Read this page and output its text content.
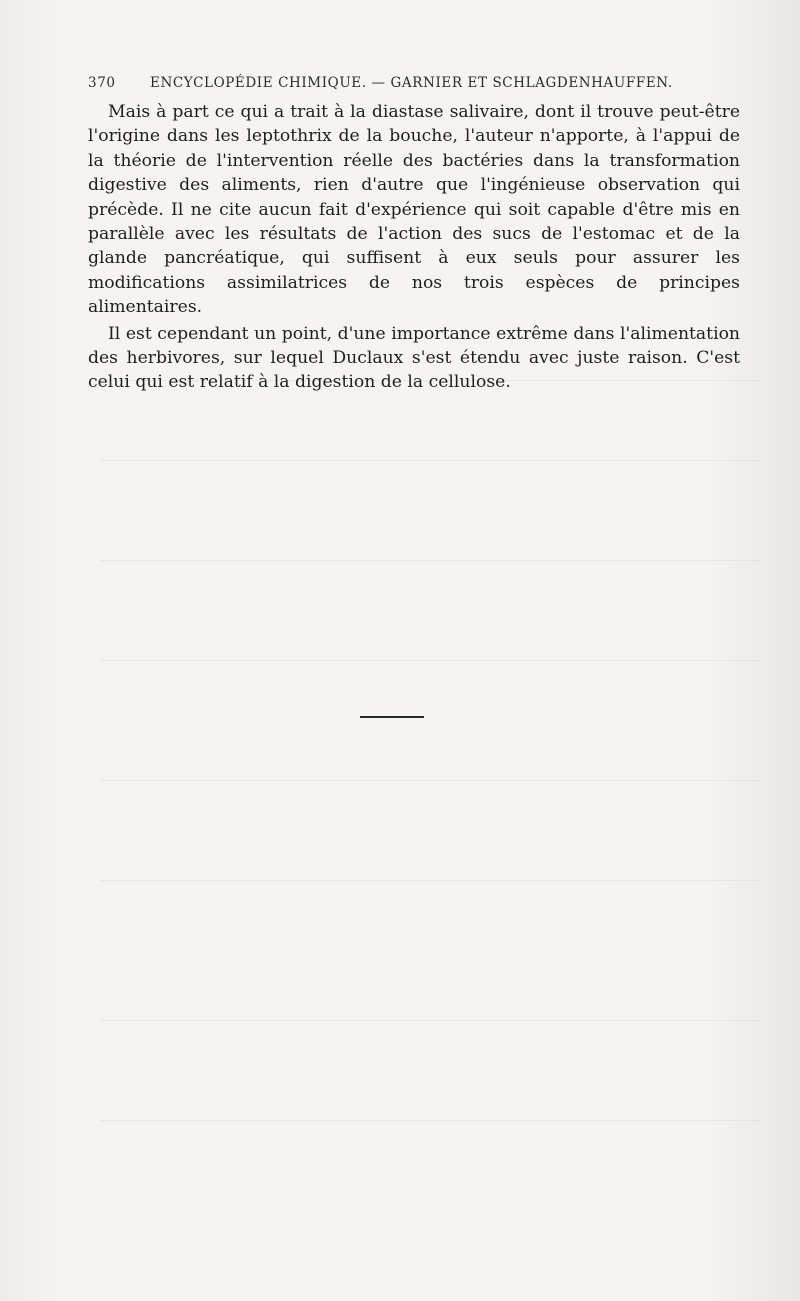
370	ENCYCLOPÉDIE CHIMIQUE. — GARNIER ET SCHLAGDENHAUFFEN.

Mais à part ce qui a trait à la diastase salivaire, dont il trouve peut-être l'origine dans les leptothrix de la bouche, l'auteur n'apporte, à l'appui de la théorie de l'intervention réelle des bactéries dans la transformation digestive des aliments, rien d'autre que l'ingénieuse observation qui précède. Il ne cite aucun fait d'expérience qui soit capable d'être mis en parallèle avec les résultats de l'action des sucs de l'estomac et de la glande pancréatique, qui suffisent à eux seuls pour assurer les modifications assimilatrices de nos trois espèces de principes alimentaires.

Il est cependant un point, d'une importance extrême dans l'alimentation des herbivores, sur lequel Duclaux s'est étendu avec juste raison. C'est celui qui est relatif à la digestion de la cellulose.
